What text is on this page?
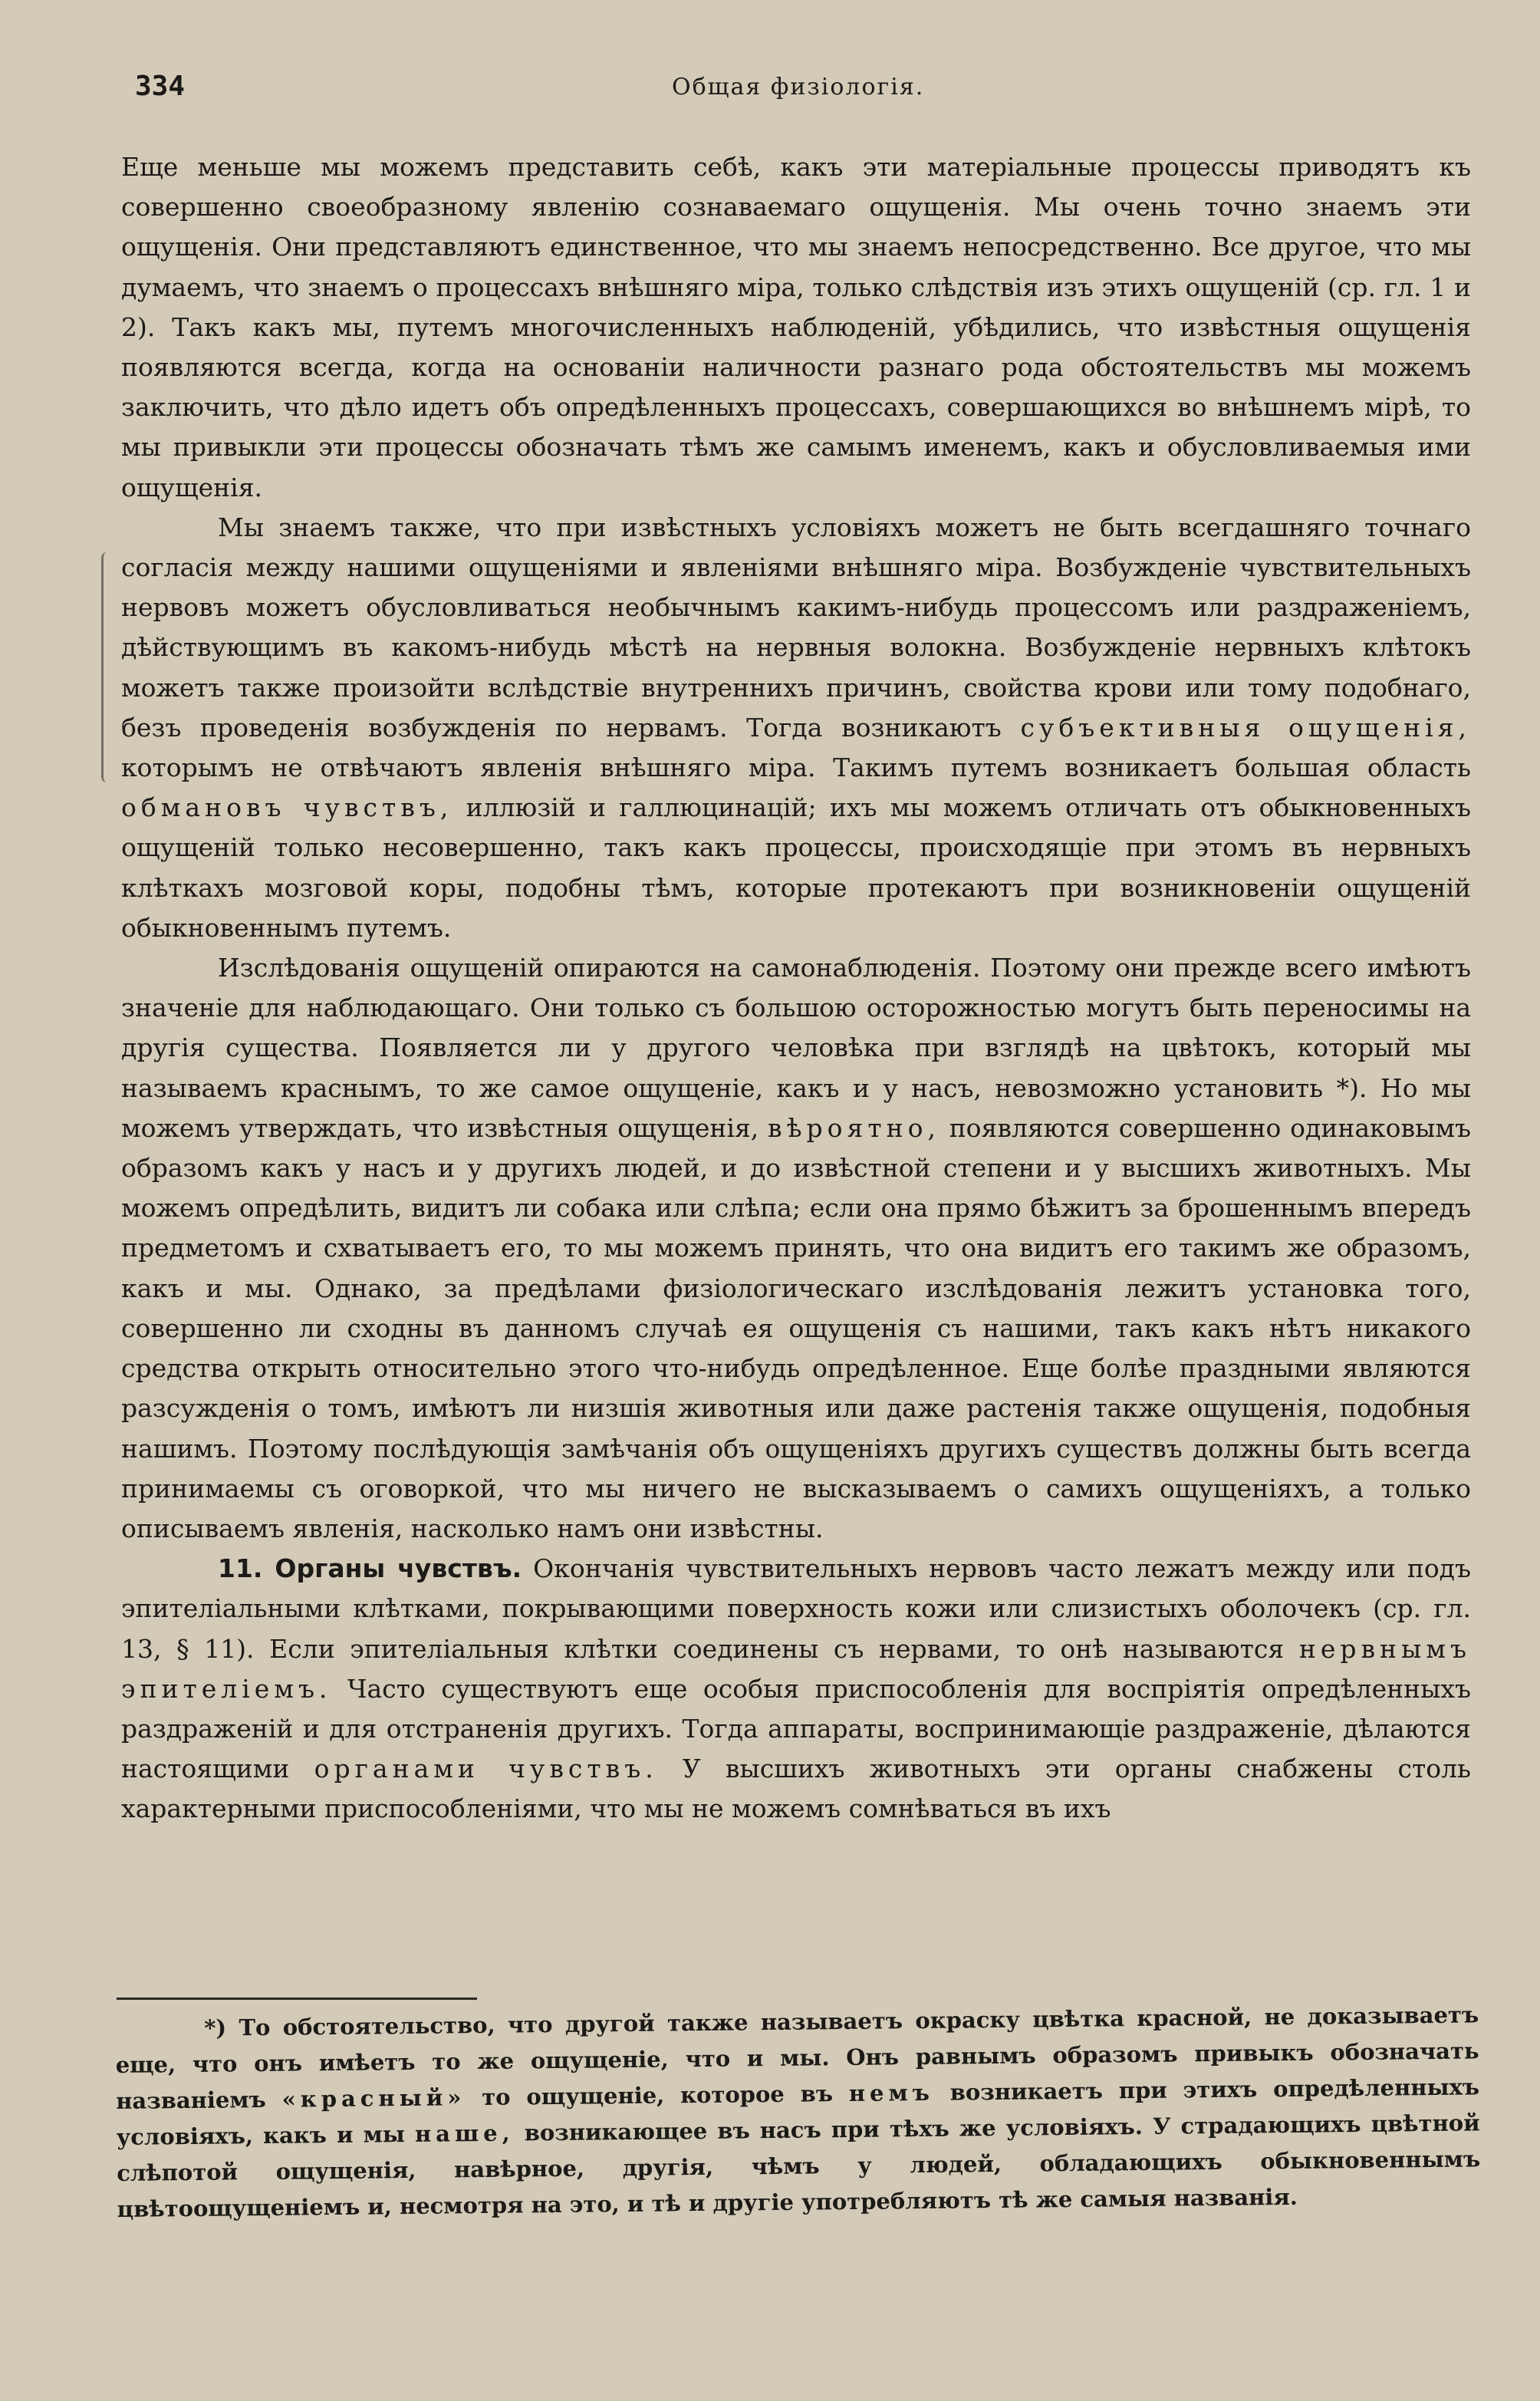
334	Общая физіологія.

Еще меньше мы можемъ представить себѣ, какъ эти матеріальные процессы приводятъ къ совершенно своеобразному явленію сознаваемаго ощущенія. Мы очень точно знаемъ эти ощущенія. Они представляютъ единственное, что мы знаемъ непосредственно. Все другое, что мы думаемъ, что знаемъ о процессахъ внѣшняго міра, только слѣдствія изъ этихъ ощущеній (ср. гл. 1 и 2). Такъ какъ мы, путемъ многочисленныхъ наблюденій, убѣдились, что извѣстныя ощущенія появляются всегда, когда на основаніи наличности разнаго рода обстоятельствъ мы можемъ заключить, что дѣло идетъ объ опредѣленныхъ процессахъ, совершающихся во внѣшнемъ мірѣ, то мы привыкли эти процессы обозначать тѣмъ же самымъ именемъ, какъ и обусловливаемыя ими ощущенія.

Мы знаемъ также, что при извѣстныхъ условіяхъ можетъ не быть всегдашняго точнаго согласія между нашими ощущеніями и явленіями внѣшняго міра. Возбужденіе чувствительныхъ нервовъ можетъ обусловливаться необычнымъ какимъ-нибудь процессомъ или раздраженіемъ, дѣйствующимъ въ какомъ-нибудь мѣстѣ на нервныя волокна. Возбужденіе нервныхъ клѣтокъ можетъ также произойти вслѣдствіе внутреннихъ причинъ, свойства крови или тому подобнаго, безъ проведенія возбужденія по нервамъ. Тогда возникаютъ субъективныя ощущенія, которымъ не отвѣчаютъ явленія внѣшняго міра. Такимъ путемъ возникаетъ большая область обмановъ чувствъ, иллюзій и галлюцинацій; ихъ мы можемъ отличать отъ обыкновенныхъ ощущеній только несовершенно, такъ какъ процессы, происходящіе при этомъ въ нервныхъ клѣткахъ мозговой коры, подобны тѣмъ, которые протекаютъ при возникновеніи ощущеній обыкновеннымъ путемъ.

Изслѣдованія ощущеній опираются на самонаблюденія. Поэтому они прежде всего имѣютъ значеніе для наблюдающаго. Они только съ большою осторожностью могутъ быть переносимы на другія существа. Появляется ли у другого человѣка при взглядѣ на цвѣтокъ, который мы называемъ краснымъ, то же самое ощущеніе, какъ и у насъ, невозможно установить *). Но мы можемъ утверждать, что извѣстныя ощущенія, вѣроятно, появляются совершенно одинаковымъ образомъ какъ у насъ и у другихъ людей, и до извѣстной степени и у высшихъ животныхъ. Мы можемъ опредѣлить, видитъ ли собака или слѣпа; если она прямо бѣжитъ за брошеннымъ впередъ предметомъ и схватываетъ его, то мы можемъ принять, что она видитъ его такимъ же образомъ, какъ и мы. Однако, за предѣлами физіологическаго изслѣдованія лежитъ установка того, совершенно ли сходны въ данномъ случаѣ ея ощущенія съ нашими, такъ какъ нѣтъ никакого средства открыть относительно этого что-нибудь опредѣленное. Еще болѣе праздными являются разсужденія о томъ, имѣютъ ли низшія животныя или даже растенія также ощущенія, подобныя нашимъ. Поэтому послѣдующія замѣчанія объ ощущеніяхъ другихъ существъ должны быть всегда принимаемы съ оговоркой, что мы ничего не высказываемъ о самихъ ощущеніяхъ, а только описываемъ явленія, насколько намъ они извѣстны.

11. Органы чувствъ. Окончанія чувствительныхъ нервовъ часто лежатъ между или подъ эпителіальными клѣтками, покрывающими поверхность кожи или слизистыхъ оболочекъ (ср. гл. 13, § 11). Если эпителіальныя клѣтки соединены съ нервами, то онѣ называются нервнымъ эпителіемъ. Часто существуютъ еще особыя приспособленія для воспріятія опредѣленныхъ раздраженій и для отстраненія другихъ. Тогда аппараты, воспринимающіе раздраженіе, дѣлаются настоящими органами чувствъ. У высшихъ животныхъ эти органы снабжены столь характерными приспособленіями, что мы не можемъ сомнѣваться въ ихъ

*) То обстоятельство, что другой также называетъ окраску цвѣтка красной, не доказываетъ еще, что онъ имѣетъ то же ощущеніе, что и мы. Онъ равнымъ образомъ привыкъ обозначать названіемъ «красный» то ощущеніе, которое въ немъ возникаетъ при этихъ опредѣленныхъ условіяхъ, какъ и мы наше, возникающее въ насъ при тѣхъ же условіяхъ. У страдающихъ цвѣтной слѣпотой ощущенія, навѣрное, другія, чѣмъ у людей, обладающихъ обыкновеннымъ цвѣтоощущеніемъ и, несмотря на это, и тѣ и другіе употребляютъ тѣ же самыя названія.
